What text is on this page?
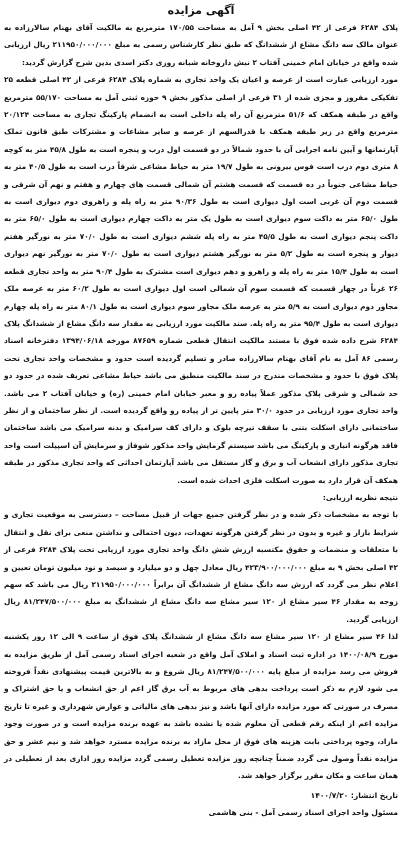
آگهی مزایده

پلاک ۶۲۸۴ فرعی از ۴۲ اصلی بخش ۹ آمل به مساحت ۱۷۰/۵۵ مترمربع به مالکیت آقای بهنام سالارزاده به عنوان مالک سه دانگ مشاع از ششدانگ که طبق نظر کارشناس رسمی به مبلغ ۲۱۱۹۵۰/۰۰۰/۰۰۰ ریال ارزیابی شده واقع در خیابان امام خمینی آفتاب ۲ نبش داروخانه شبانه روزی دکتر اسدی بدین شرح گزارش گردید:

مورد ارزیابی عبارت است از عرصه و اعیان یک واحد تجاری به شماره پلاک ۶۲۸۴ فرعی از ۴۲ اصلی قطعه ۲۵ تفکیکی مفروز و مجزی شده از ۳۱ فرعی از اصلی مذکور بخش ۹ حوزه ثبتی آمل به مساحت ۵۵/۱۷۰ مترمربع واقع در طبقه همکف که ۵۱/۶ مترمربع آن راه پله داخلی است به انضمام پارکینگ تجاری به مساحت ۲۰/۱۲۴ مترمربع واقع در زیر طبقه همکف با قدرالسهم از عرصه و سایر مشاعات و مشترکات طبق قانون تملک آپارتمانها و آیین نامه اجرایی آن با حدود شمالاً در دو قسمت اول درب و پنجره است به طول ۴۵/۸ متر به کوچه ۸ متری دوم درب است قوس بیرونی به طول ۱۹/۷ متر به حیاط مشاعی شرقاً درب است به طول ۴۰/۵ متر به حیاط مشاعی جنوباً در ده قسمت که قسمت هشتم آن شمالی قسمت های چهارم و هفتم و نهم آن شرقی و قسمت دوم آن غربی است اول دیواری است به طول ۹۰/۳۶ متر به راه پله و راهروی دوم دیواری است به طول ۶۵/۰ متر به داکت سوم دیواری است به طول یک متر به داکت چهارم دیواری است به طول ۶۵/۰ متر به داکت پنجم دیواری است به طول ۴۵/۵ متر به راه پله ششم دیواری است به طول ۷۰/۰ متر به نورگیر هفتم دیوار و پنجره است به طول ۵/۲ متر به نورگیر هشتم دیواری است به طول ۷۰/۰ متر به نورگیر نهم دیواری است به طول ۱۵/۴ متر به راه پله و راهرو و دهم دیواری است مشترک به طول ۹۰/۴ متر به واحد تجاری قطعه ۲۶ غرباً در چهار قسمت که قسمت سوم آن شمالی است اول دیواری است به طول ۶۰/۲ متر به عرصه ملک مجاور دوم دیواری است به ۵/۹ متر به عرصه ملک مجاور سوم دیواری است به طول ۸۰/۱ متر به راه پله چهارم دیواری است به طول ۹۵/۴ متر به راه پله. سند مالکیت مورد ارزیابی به مقدار سه دانگ مشاع از ششدانگ پلاک ۶۲۸۴ شرح داده شده فوق با مستند مالکیت انتقال قطعی شماره ۸۷۶۵۹ مورخه ۱۳۹۴/۰۶/۱۸ دفترخانه اسناد رسمی ۸۶ آمل به نام آقای بهنام سالارزاده صادر و تسلیم گردیده است حدود و مشخصات واحد تجاری تحت پلاک فوق با حدود و مشخصات مندرج در سند مالکیت منطبق می باشد حیاط مشاعی تعریف شده در حدود دو حد شمالی و شرقی پلاک مذکور عملاً پیاده رو و معبر خیابان امام خمینی (ره) و خیابان آفتاب ۲ می باشد. واحد تجاری مورد ارزیابی در حدود ۳۰/۰ متر پایین تر از پیاده رو واقع گردیده است. از نظر ساختمان و از نظر ساختمانی دارای اسکلت بتنی با سقف تیرچه بلوک و دارای کف سرامیک و بدنه سرامیک می باشد ساختمان فاقد هرگونه انباری و پارکینگ می باشد سیستم گرمایش واحد مذکور شوفاژ و سرمایش آن اسپیلت است واحد تجاری مذکور دارای انشعاب آب و برق و گاز مستقل می باشد آپارتمان احداثی که واحد تجاری مذکور در طبقه همکف آن قرار دارد به صورت اسکلت فلزی احداث شده است.

نتیجه نظریه ارزیابی:

با توجه به مشخصات ذکر شده و در نظر گرفتن جمیع جهات از قبیل مساحت – دسترسی به موقعیت تجاری و شرایط بازار و غیره و بدون در نظر گرفتن هرگونه تعهدات، دیون احتمالی و نداشتن منعی برای نقل و انتقال با متعلقات و منضمات و حقوق مکتسبه ارزش شش دانگ واحد تجاری مورد ارزیابی تحت پلاک ۶۲۸۴ فرعی از ۴۲ اصلی بخش ۹ به مبلغ ۴۲۳/۹۰۰/۰۰۰/۰۰۰ ریال معادل چهل و دو میلیارد و سیصد و نود میلیون تومان تعیین و اعلام نظر می گردد که ارزش سه دانگ مشاع از ششدانگ آن برابراً ۲۱۱۹۵۰/۰۰۰/۰۰۰ ریال می باشد که سهم زوجه به مقدار ۴۶ سیر مشاع از ۱۲۰ سیر مشاع سه دانگ مشاع از ششدانگ به مبلغ ۸۱/۲۴۷/۵۰۰/۰۰۰ ریال ارزیابی گردید.

لذا ۴۶ سیر مشاع از ۱۲۰ سیر مشاع سه دانگ مشاع از ششدانگ پلاک فوق از ساعت ۹ الی ۱۲ روز یکشنبه مورخ ۱۴۰۰/۰۸/۹ در اداره ثبت اسناد و املاک آمل واقع در شعبه اجرای اسناد رسمی آمل از طریق مزایده به فروش می رسد مزایده از مبلغ پایه ۸۱/۲۴۷/۵۰۰/۰۰۰ ریال شروع و به بالاترین قیمت پیشنهادی نقداً فروخته می شود لازم به ذکر است پرداخت بدهی های مربوط به آب برق گاز اعم از حق انشعاب و یا حق اشتراک و مصرف در صورتی که مورد مزایده دارای آنها باشد و نیز بدهی های مالیاتی و عوارض شهرداری و غیره تا تاریخ مزایده اعم از اینکه رقم قطعی آن معلوم شده یا نشده باشد به عهده برنده مزایده است و در صورت وجود مازاد، وجوه پرداختی بابت هزینه های فوق از محل مازاد به برنده مزایده مسترد خواهد شد و نیم عشر و حق مزایده نقداً وصول می گردد ضمناً چنانچه روز مزایده تعطیل رسمی گردد مزایده روز اداری بعد از تعطیلی در همان ساعت و مکان مقرر برگزار خواهد شد.

تاریخ انتشار: ۱۴۰۰/۷/۲۰
مسئول واحد اجرای اسناد رسمی آمل - بنی هاشمی
